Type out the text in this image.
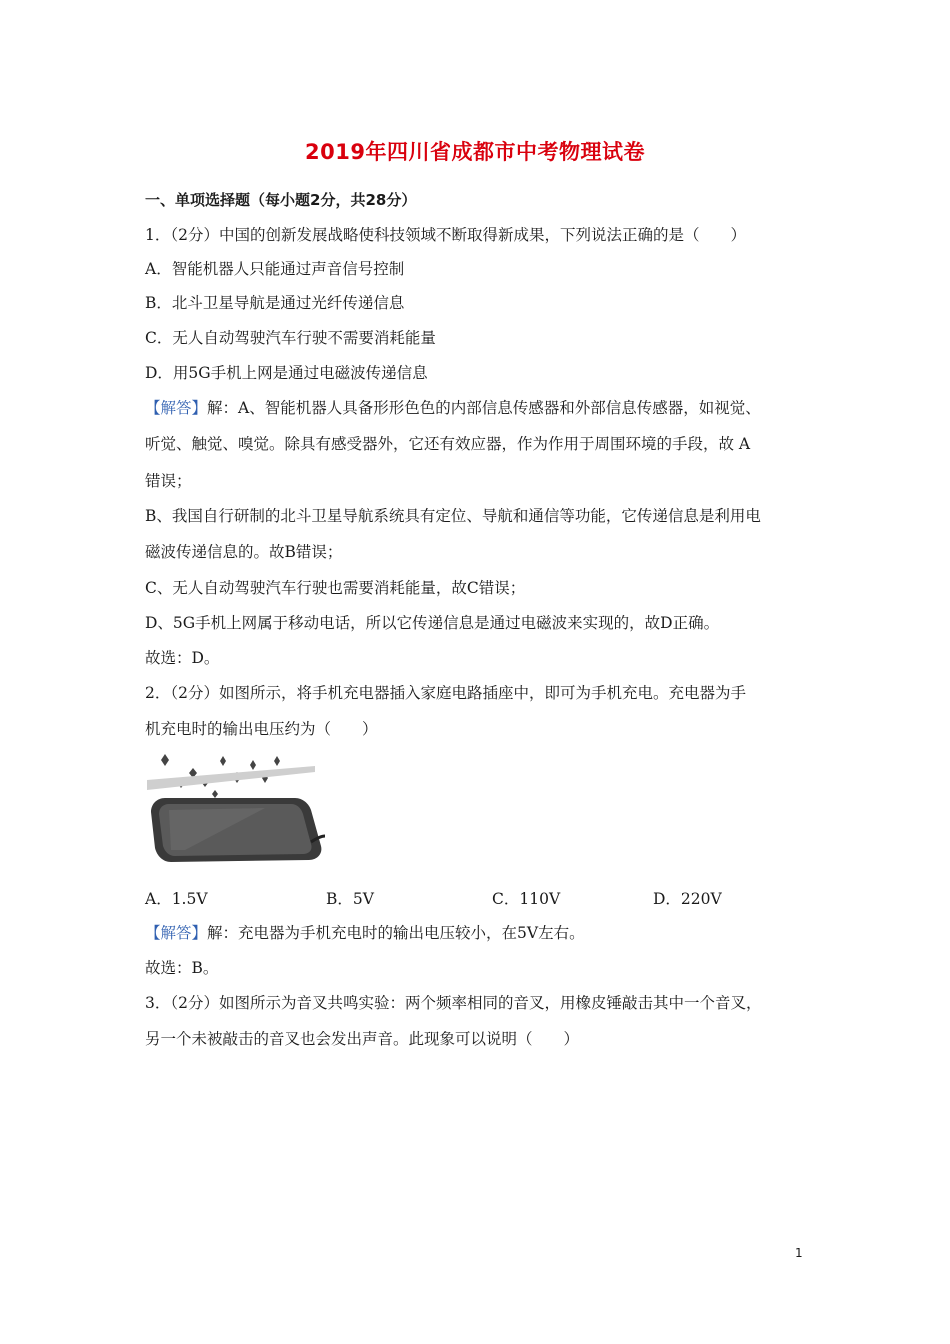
2019年四川省成都市中考物理试卷
一、单项选择题（每小题2分，共28分）
1．（2分）中国的创新发展战略使科技领域不断取得新成果，下列说法正确的是（　　）
A．智能机器人只能通过声音信号控制
B．北斗卫星导航是通过光纤传递信息
C．无人自动驾驶汽车行驶不需要消耗能量
D．用5G手机上网是通过电磁波传递信息
【解答】解：A、智能机器人具备形形色色的内部信息传感器和外部信息传感器，如视觉、
听觉、触觉、嗅觉。除具有感受器外，它还有效应器，作为作用于周围环境的手段，故 A
错误；
B、我国自行研制的北斗卫星导航系统具有定位、导航和通信等功能，它传递信息是利用电
磁波传递信息的。故B错误；
C、无人自动驾驶汽车行驶也需要消耗能量，故C错误；
D、5G手机上网属于移动电话，所以它传递信息是通过电磁波来实现的，故D正确。
故选：D。
2．（2分）如图所示，将手机充电器插入家庭电路插座中，即可为手机充电。充电器为手
机充电时的输出电压约为（　　）
A．1.5V	B．5V	C．110V	D．220V
【解答】解：充电器为手机充电时的输出电压较小，在5V左右。
故选：B。
3．（2分）如图所示为音叉共鸣实验：两个频率相同的音叉，用橡皮锤敲击其中一个音叉，
另一个未被敲击的音叉也会发出声音。此现象可以说明（　　）
1
